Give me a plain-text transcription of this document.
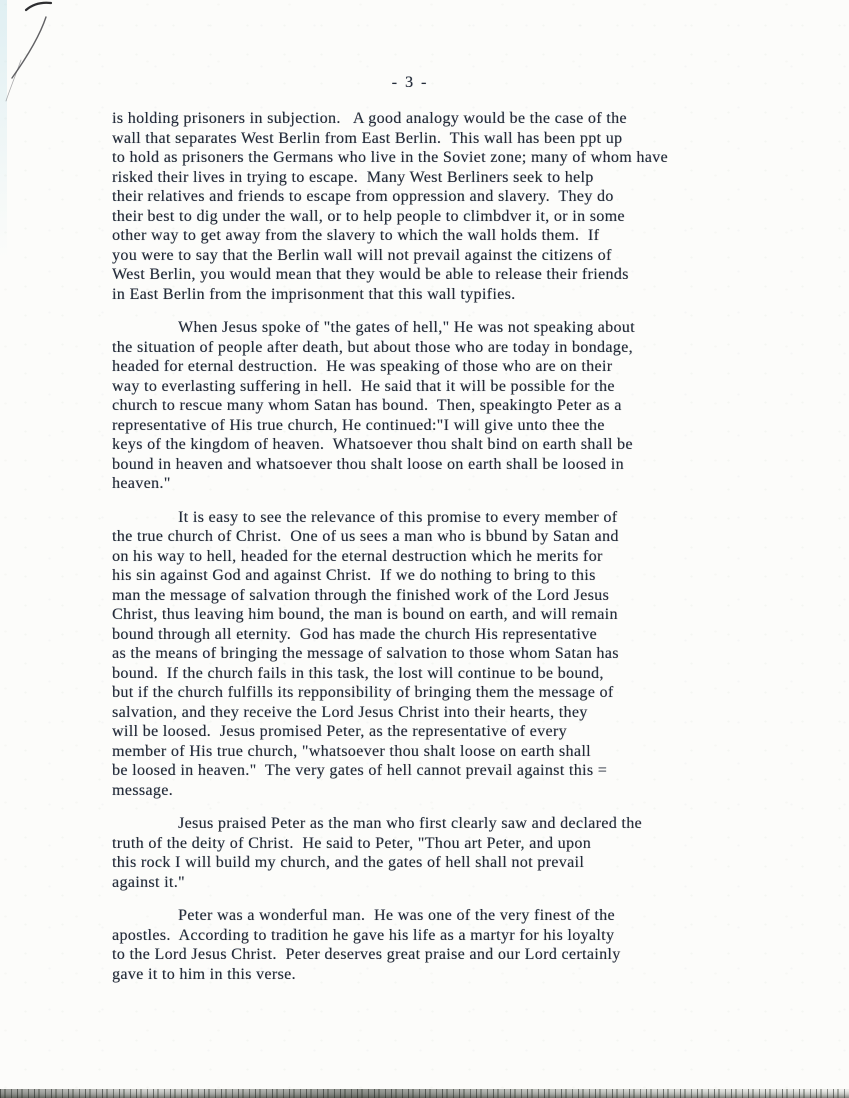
- 3 -
is holding prisoners in subjection.   A good analogy would be the case of the
wall that separates West Berlin from East Berlin.  This wall has been ppt up
to hold as prisoners the Germans who live in the Soviet zone; many of whom have
risked their lives in trying to escape.  Many West Berliners seek to help
their relatives and friends to escape from oppression and slavery.  They do
their best to dig under the wall, or to help people to climbdver it, or in some
other way to get away from the slavery to which the wall holds them.  If
you were to say that the Berlin wall will not prevail against the citizens of
West Berlin, you would mean that they would be able to release their friends
in East Berlin from the imprisonment that this wall typifies.
When Jesus spoke of "the gates of hell," He was not speaking about
the situation of people after death, but about those who are today in bondage,
headed for eternal destruction.  He was speaking of those who are on their
way to everlasting suffering in hell.  He said that it will be possible for the
church to rescue many whom Satan has bound.  Then, speakingto Peter as a
representative of His true church, He continued:"I will give unto thee the
keys of the kingdom of heaven.  Whatsoever thou shalt bind on earth shall be
bound in heaven and whatsoever thou shalt loose on earth shall be loosed in
heaven."
It is easy to see the relevance of this promise to every member of
the true church of Christ.  One of us sees a man who is bbund by Satan and
on his way to hell, headed for the eternal destruction which he merits for
his sin against God and against Christ.  If we do nothing to bring to this
man the message of salvation through the finished work of the Lord Jesus
Christ, thus leaving him bound, the man is bound on earth, and will remain
bound through all eternity.  God has made the church His representative
as the means of bringing the message of salvation to those whom Satan has
bound.  If the church fails in this task, the lost will continue to be bound,
but if the church fulfills its repponsibility of bringing them the message of
salvation, and they receive the Lord Jesus Christ into their hearts, they
will be loosed.  Jesus promised Peter, as the representative of every
member of His true church, "whatsoever thou shalt loose on earth shall
be loosed in heaven."  The very gates of hell cannot prevail against this =
message.
Jesus praised Peter as the man who first clearly saw and declared the
truth of the deity of Christ.  He said to Peter, "Thou art Peter, and upon
this rock I will build my church, and the gates of hell shall not prevail
against it."
Peter was a wonderful man.  He was one of the very finest of the
apostles.  According to tradition he gave his life as a martyr for his loyalty
to the Lord Jesus Christ.  Peter deserves great praise and our Lord certainly
gave it to him in this verse.
